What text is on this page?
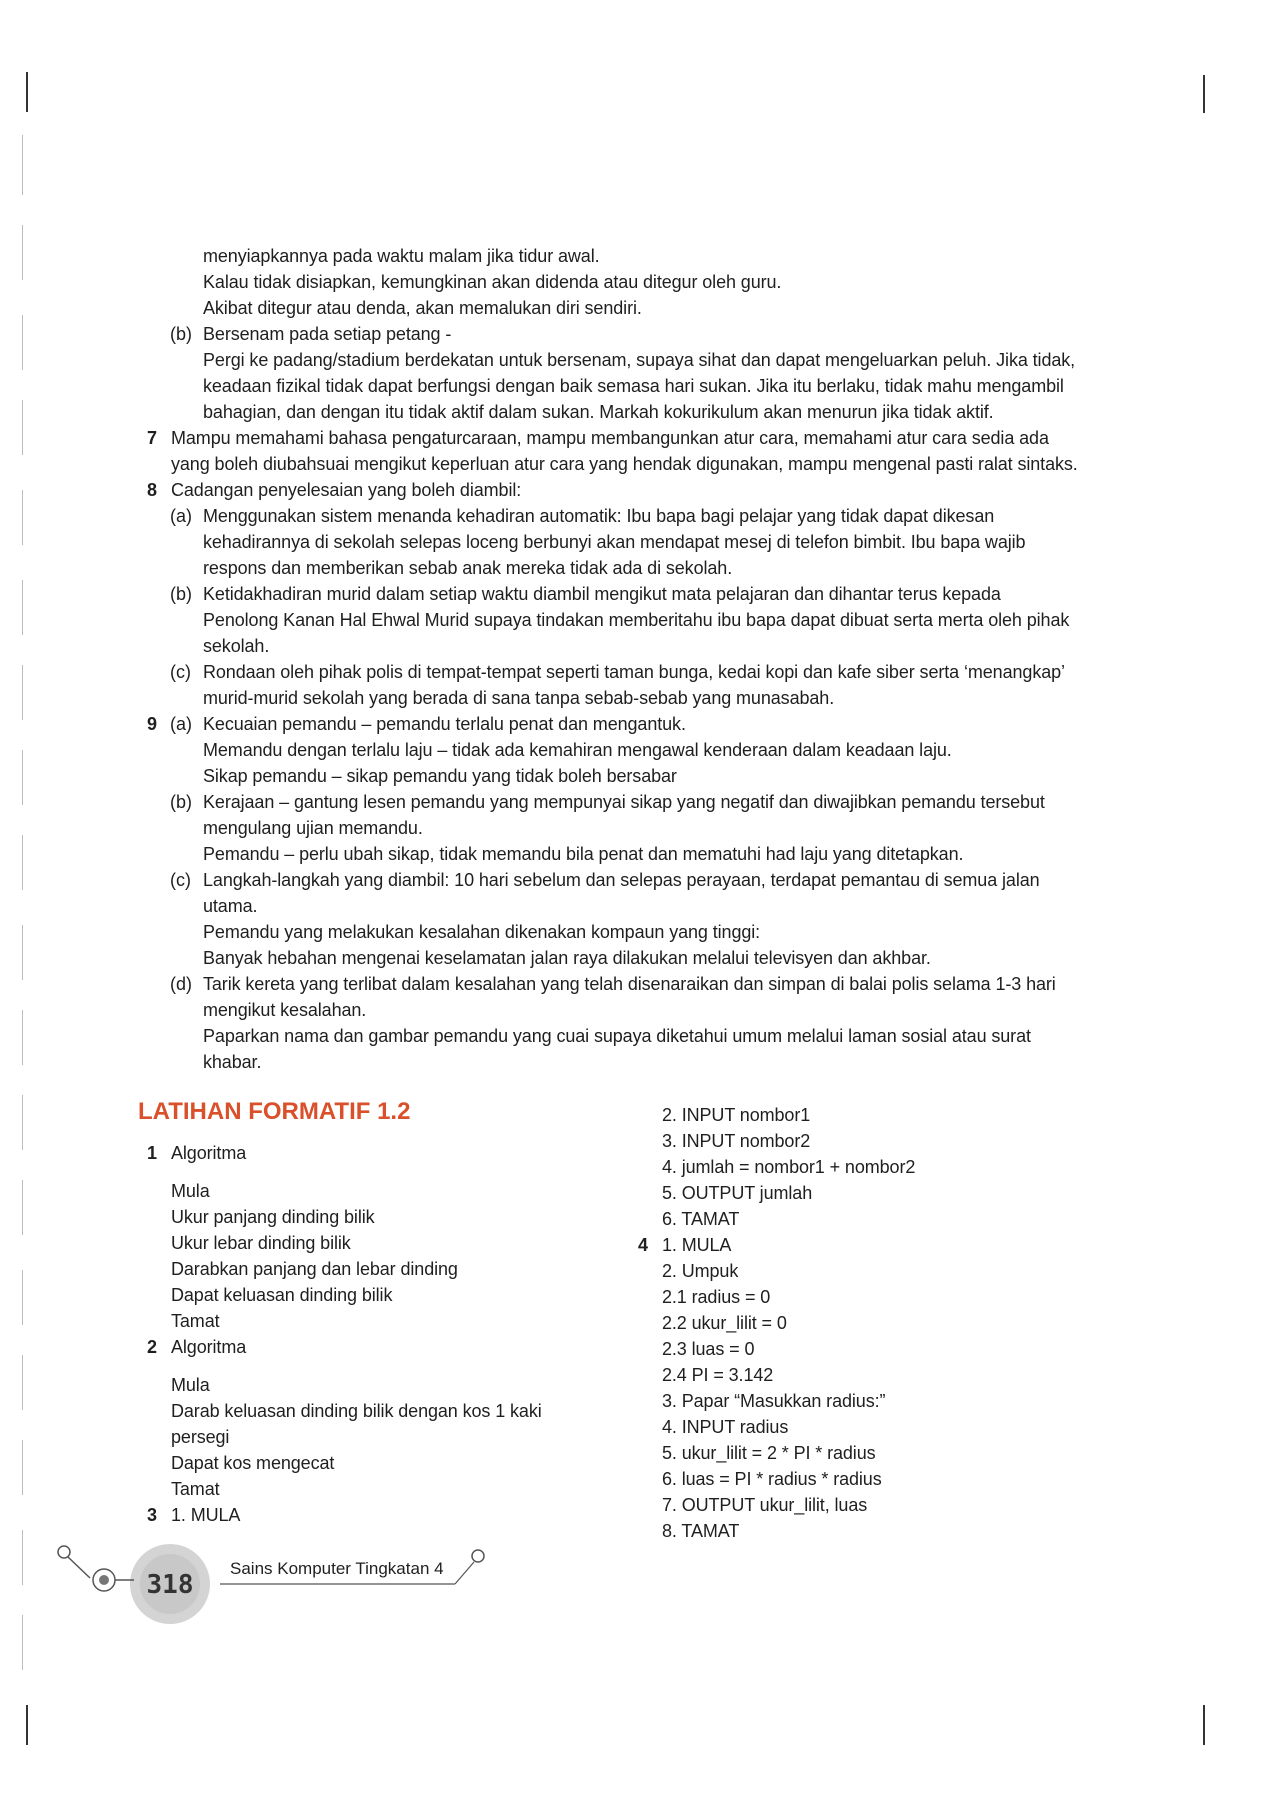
menyiapkannya pada waktu malam jika tidur awal.
Kalau tidak disiapkan, kemungkinan akan didenda atau ditegur oleh guru.
Akibat ditegur atau denda, akan memalukan diri sendiri.
(b) Bersenam pada setiap petang -
Pergi ke padang/stadium berdekatan untuk bersenam, supaya sihat dan dapat mengeluarkan peluh. Jika tidak,
keadaan fizikal tidak dapat berfungsi dengan baik semasa hari sukan. Jika itu berlaku, tidak mahu mengambil
bahagian, dan dengan itu tidak aktif dalam sukan. Markah kokurikulum akan menurun jika tidak aktif.
7 Mampu memahami bahasa pengaturcaraan, mampu membangunkan atur cara, memahami atur cara sedia ada
yang boleh diubahsuai mengikut keperluan atur cara yang hendak digunakan, mampu mengenal pasti ralat sintaks.
8 Cadangan penyelesaian yang boleh diambil:
(a) Menggunakan sistem menanda kehadiran automatik: Ibu bapa bagi pelajar yang tidak dapat dikesan
kehadirannya di sekolah selepas loceng berbunyi akan mendapat mesej di telefon bimbit. Ibu bapa wajib
respons dan memberikan sebab anak mereka tidak ada di sekolah.
(b) Ketidakhadiran murid dalam setiap waktu diambil mengikut mata pelajaran dan dihantar terus kepada
Penolong Kanan Hal Ehwal Murid supaya tindakan memberitahu ibu bapa dapat dibuat serta merta oleh pihak
sekolah.
(c) Rondaan oleh pihak polis di tempat-tempat seperti taman bunga, kedai kopi dan kafe siber serta ‘menangkap’
murid-murid sekolah yang berada di sana tanpa sebab-sebab yang munasabah.
9 (a) Kecuaian pemandu – pemandu terlalu penat dan mengantuk.
Memandu dengan terlalu laju – tidak ada kemahiran mengawal kenderaan dalam keadaan laju.
Sikap pemandu – sikap pemandu yang tidak boleh bersabar
(b) Kerajaan – gantung lesen pemandu yang mempunyai sikap yang negatif dan diwajibkan pemandu tersebut
mengulang ujian memandu.
Pemandu – perlu ubah sikap, tidak memandu bila penat dan mematuhi had laju yang ditetapkan.
(c) Langkah-langkah yang diambil: 10 hari sebelum dan selepas perayaan, terdapat pemantau di semua jalan
utama.
Pemandu yang melakukan kesalahan dikenakan kompaun yang tinggi:
Banyak hebahan mengenai keselamatan jalan raya dilakukan melalui televisyen dan akhbar.
(d) Tarik kereta yang terlibat dalam kesalahan yang telah disenaraikan dan simpan di balai polis selama 1-3 hari
mengikut kesalahan.
Paparkan nama dan gambar pemandu yang cuai supaya diketahui umum melalui laman sosial atau surat
khabar.
LATIHAN FORMATIF 1.2
1 Algoritma
Mula
Ukur panjang dinding bilik
Ukur lebar dinding bilik
Darabkan panjang dan lebar dinding
Dapat keluasan dinding bilik
Tamat
2 Algoritma
Mula
Darab keluasan dinding bilik dengan kos 1 kaki
persegi
Dapat kos mengecat
Tamat
3 1. MULA
2. INPUT nombor1
3. INPUT nombor2
4. jumlah = nombor1 + nombor2
5. OUTPUT jumlah
6. TAMAT
4 1. MULA
2. Umpuk
2.1 radius = 0
2.2 ukur_lilit = 0
2.3 luas = 0
2.4 PI = 3.142
3. Papar “Masukkan radius:”
4. INPUT radius
5. ukur_lilit = 2 * PI * radius
6. luas = PI * radius * radius
7. OUTPUT ukur_lilit, luas
8. TAMAT
318
Sains Komputer Tingkatan 4
